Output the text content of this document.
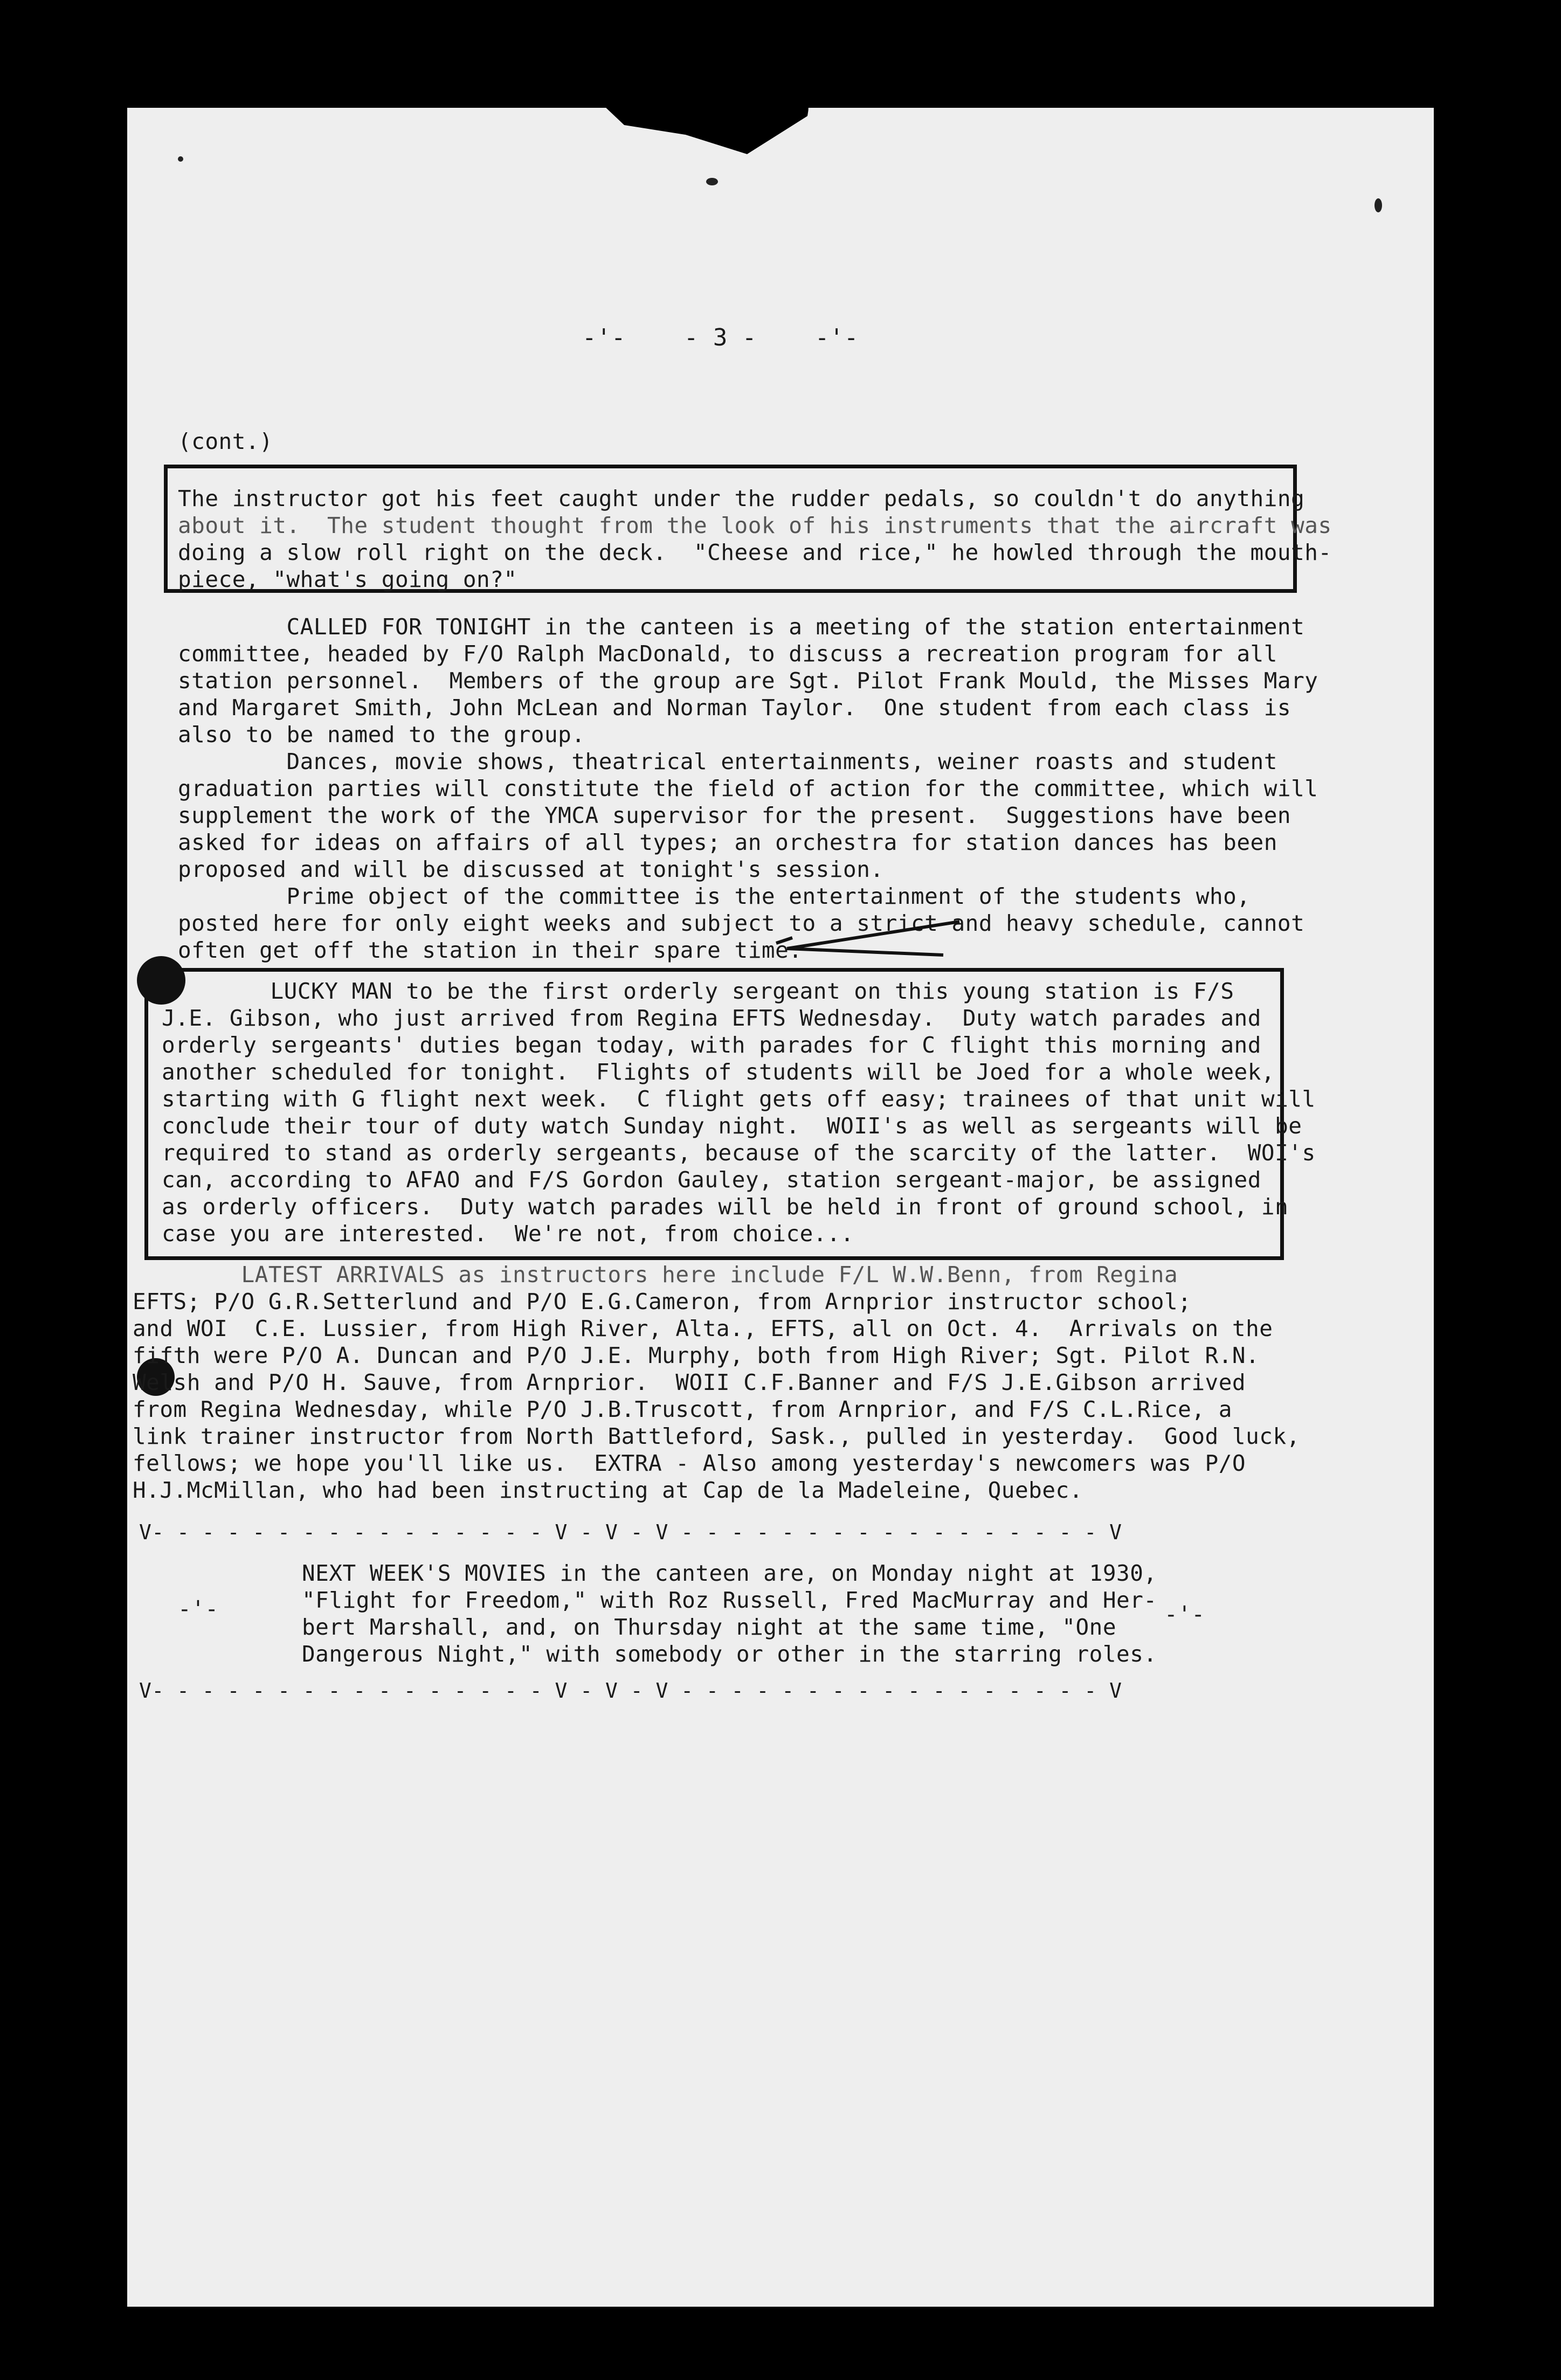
-'-    - 3 -    -'-
(cont.)
The instructor got his feet caught under the rudder pedals, so couldn't do anything
about it.  The student thought from the look of his instruments that the aircraft was
doing a slow roll right on the deck.  "Cheese and rice," he howled through the mouth-
piece, "what's going on?"
CALLED FOR TONIGHT in the canteen is a meeting of the station entertainment
committee, headed by F/O Ralph MacDonald, to discuss a recreation program for all
station personnel.  Members of the group are Sgt. Pilot Frank Mould, the Misses Mary
and Margaret Smith, John McLean and Norman Taylor.  One student from each class is
also to be named to the group.
Dances, movie shows, theatrical entertainments, weiner roasts and student
graduation parties will constitute the field of action for the committee, which will
supplement the work of the YMCA supervisor for the present.  Suggestions have been
asked for ideas on affairs of all types; an orchestra for station dances has been
proposed and will be discussed at tonight's session.
Prime object of the committee is the entertainment of the students who,
posted here for only eight weeks and subject to a strict and heavy schedule, cannot
often get off the station in their spare time.
LUCKY MAN to be the first orderly sergeant on this young station is F/S
J.E. Gibson, who just arrived from Regina EFTS Wednesday.  Duty watch parades and
orderly sergeants' duties began today, with parades for C flight this morning and
another scheduled for tonight.  Flights of students will be Joed for a whole week,
starting with G flight next week.  C flight gets off easy; trainees of that unit will
conclude their tour of duty watch Sunday night.  WOII's as well as sergeants will be
required to stand as orderly sergeants, because of the scarcity of the latter.  WOI's
can, according to AFAO and F/S Gordon Gauley, station sergeant-major, be assigned
as orderly officers.  Duty watch parades will be held in front of ground school, in
case you are interested.  We're not, from choice...
LATEST ARRIVALS as instructors here include F/L W.W.Benn, from Regina
EFTS; P/O G.R.Setterlund and P/O E.G.Cameron, from Arnprior instructor school;
and WOI  C.E. Lussier, from High River, Alta., EFTS, all on Oct. 4.  Arrivals on the
fifth were P/O A. Duncan and P/O J.E. Murphy, both from High River; Sgt. Pilot R.N.
Welsh and P/O H. Sauve, from Arnprior.  WOII C.F.Banner and F/S J.E.Gibson arrived
from Regina Wednesday, while P/O J.B.Truscott, from Arnprior, and F/S C.L.Rice, a
link trainer instructor from North Battleford, Sask., pulled in yesterday.  Good luck,
fellows; we hope you'll like us.  EXTRA - Also among yesterday's newcomers was P/O
H.J.McMillan, who had been instructing at Cap de la Madeleine, Quebec.
V- - - - - - - - - - - - - - - - V - V - V - - - - - - - - - - - - - - - - - V
-'-
NEXT WEEK'S MOVIES in the canteen are, on Monday night at 1930,
"Flight for Freedom," with Roz Russell, Fred MacMurray and Her-
bert Marshall, and, on Thursday night at the same time, "One
Dangerous Night," with somebody or other in the starring roles.
-'-
V- - - - - - - - - - - - - - - - V - V - V - - - - - - - - - - - - - - - - - V
